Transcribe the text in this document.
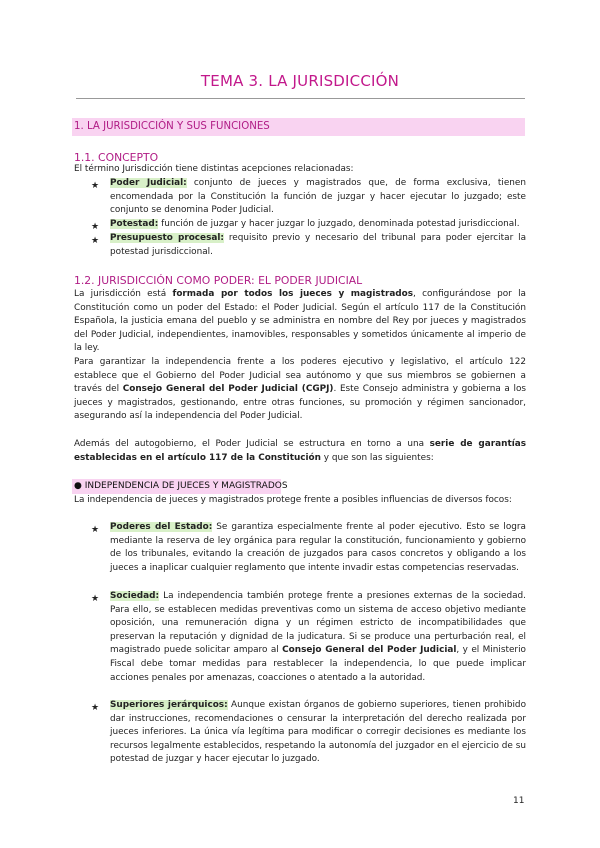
TEMA 3. LA JURISDICCIÓN
1. LA JURISDICCIÓN Y SUS FUNCIONES
1.1. CONCEPTO
El término Jurisdicción tiene distintas acepciones relacionadas:
★ Poder Judicial: conjunto de jueces y magistrados que, de forma exclusiva, tienen encomendada por la Constitución la función de juzgar y hacer ejecutar lo juzgado; este conjunto se denomina Poder Judicial.
★ Potestad: función de juzgar y hacer juzgar lo juzgado, denominada potestad jurisdiccional.
★ Presupuesto procesal: requisito previo y necesario del tribunal para poder ejercitar la potestad jurisdiccional.
1.2. JURISDICCIÓN COMO PODER: EL PODER JUDICIAL
La jurisdicción está formada por todos los jueces y magistrados, configurándose por la Constitución como un poder del Estado: el Poder Judicial. Según el artículo 117 de la Constitución Española, la justicia emana del pueblo y se administra en nombre del Rey por jueces y magistrados del Poder Judicial, independientes, inamovibles, responsables y sometidos únicamente al imperio de la ley.
Para garantizar la independencia frente a los poderes ejecutivo y legislativo, el artículo 122 establece que el Gobierno del Poder Judicial sea autónomo y que sus miembros se gobiernen a través del Consejo General del Poder Judicial (CGPJ). Este Consejo administra y gobierna a los jueces y magistrados, gestionando, entre otras funciones, su promoción y régimen sancionador, asegurando así la independencia del Poder Judicial.
Además del autogobierno, el Poder Judicial se estructura en torno a una serie de garantías establecidas en el artículo 117 de la Constitución y que son las siguientes:
● INDEPENDENCIA DE JUECES Y MAGISTRADOS
La independencia de jueces y magistrados protege frente a posibles influencias de diversos focos:
★ Poderes del Estado: Se garantiza especialmente frente al poder ejecutivo. Esto se logra mediante la reserva de ley orgánica para regular la constitución, funcionamiento y gobierno de los tribunales, evitando la creación de juzgados para casos concretos y obligando a los jueces a inaplicar cualquier reglamento que intente invadir estas competencias reservadas.
★ Sociedad: La independencia también protege frente a presiones externas de la sociedad. Para ello, se establecen medidas preventivas como un sistema de acceso objetivo mediante oposición, una remuneración digna y un régimen estricto de incompatibilidades que preservan la reputación y dignidad de la judicatura. Si se produce una perturbación real, el magistrado puede solicitar amparo al Consejo General del Poder Judicial, y el Ministerio Fiscal debe tomar medidas para restablecer la independencia, lo que puede implicar acciones penales por amenazas, coacciones o atentado a la autoridad.
★ Superiores jerárquicos: Aunque existan órganos de gobierno superiores, tienen prohibido dar instrucciones, recomendaciones o censurar la interpretación del derecho realizada por jueces inferiores. La única vía legítima para modificar o corregir decisiones es mediante los recursos legalmente establecidos, respetando la autonomía del juzgador en el ejercicio de su potestad de juzgar y hacer ejecutar lo juzgado.
11
